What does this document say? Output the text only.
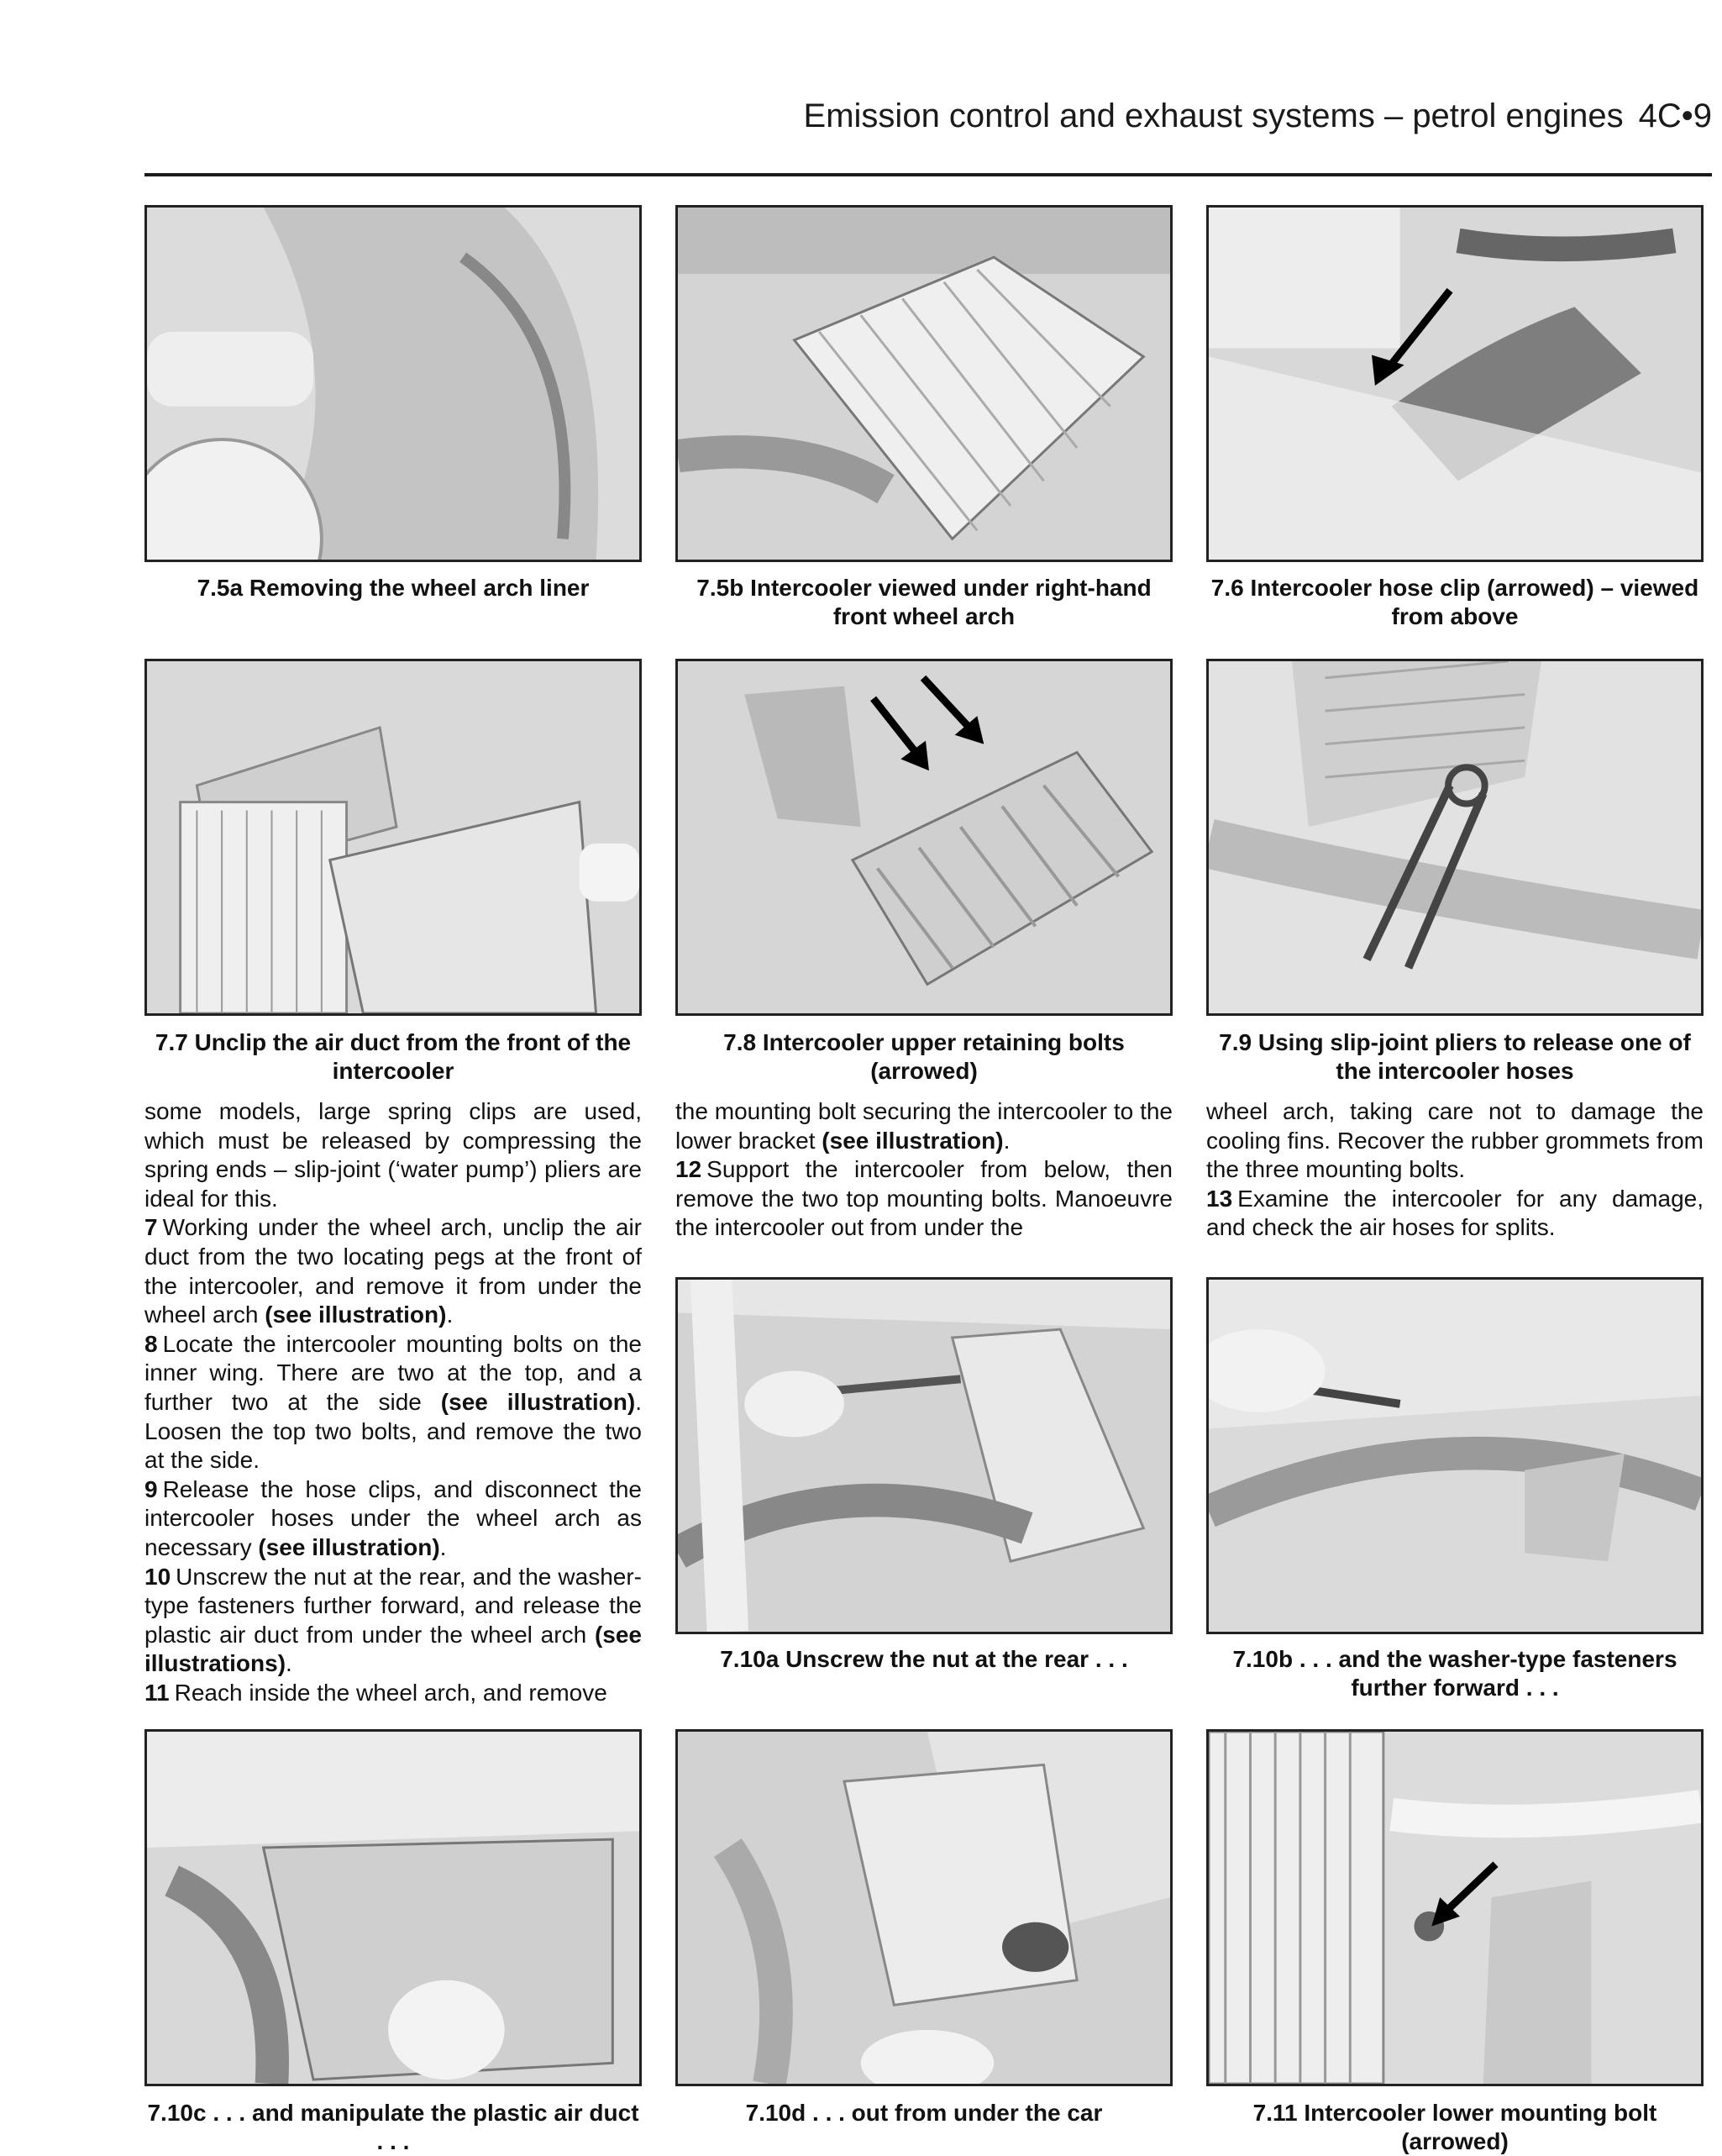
Emission control and exhaust systems – petrol engines 4C•9
7.5a Removing the wheel arch liner	7.5b Intercooler viewed under right-hand front wheel arch
7.6 Intercooler hose clip (arrowed) – viewed from above
7.7 Unclip the air duct from the front of the intercooler
7.8 Intercooler upper retaining bolts (arrowed)
7.9 Using slip-joint pliers to release one of the intercooler hoses

some models, large spring clips are used, which must be released by compressing the spring ends – slip-joint (‘water pump’) pliers are ideal for this.

7 Working under the wheel arch, unclip the air duct from the two locating pegs at the front of the intercooler, and remove it from under the wheel arch (see illustration).

8 Locate the intercooler mounting bolts on the inner wing. There are two at the top, and a further two at the side (see illustration). Loosen the top two bolts, and remove the two at the side.

9 Release the hose clips, and disconnect the intercooler hoses under the wheel arch as necessary (see illustration).

10 Unscrew the nut at the rear, and the washer-type fasteners further forward, and release the plastic air duct from under the wheel arch (see illustrations).

11 Reach inside the wheel arch, and remove

the mounting bolt securing the intercooler to the lower bracket (see illustration).

12 Support the intercooler from below, then remove the two top mounting bolts. Manoeuvre the intercooler out from under the

wheel arch, taking care not to damage the cooling fins. Recover the rubber grommets from the three mounting bolts.

13 Examine the intercooler for any damage, and check the air hoses for splits.

7.10a Unscrew the nut at the rear . . .	7.10b . . . and the washer-type fasteners further forward . . .
7.10c . . . and manipulate the plastic air duct . . .
7.10d . . . out from under the car	7.11 Intercooler lower mounting bolt (arrowed)
